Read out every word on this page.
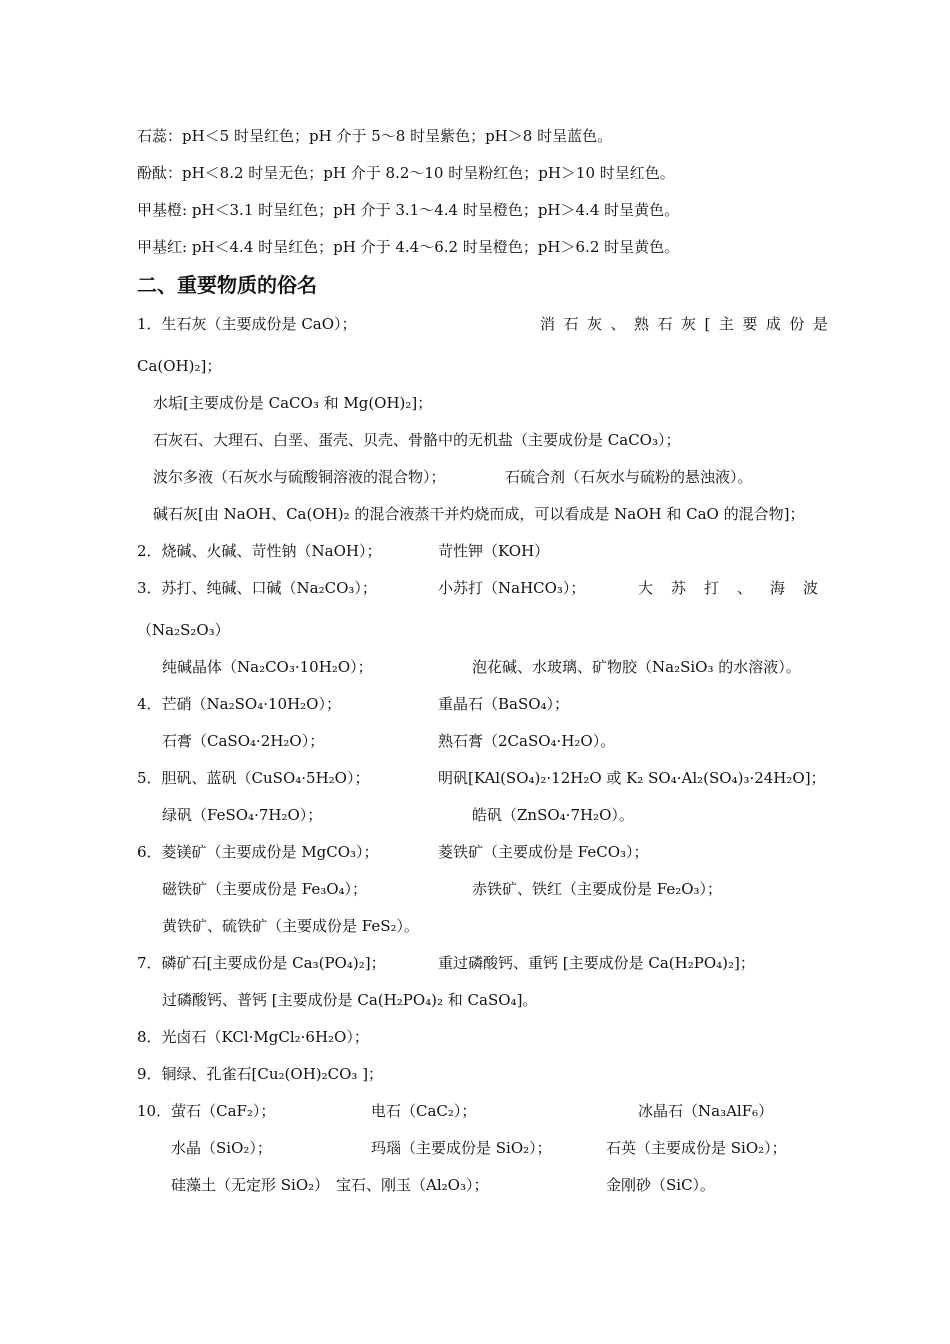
石蕊：pH＜5 时呈红色；pH 介于 5～8 时呈紫色；pH＞8 时呈蓝色。
酚酞：pH＜8.2 时呈无色；pH 介于 8.2～10 时呈粉红色；pH＞10 时呈红色。
甲基橙: pH＜3.1 时呈红色；pH 介于 3.1～4.4 时呈橙色；pH＞4.4 时呈黄色。
甲基红: pH＜4.4 时呈红色；pH 介于 4.4～6.2 时呈橙色；pH＞6.2 时呈黄色。
二、重要物质的俗名
1．生石灰（主要成份是 CaO）；	消石灰、熟石灰[主要成份是
Ca(OH)₂]；
水垢[主要成份是 CaCO₃ 和 Mg(OH)₂]；
石灰石、大理石、白垩、蛋壳、贝壳、骨骼中的无机盐（主要成份是 CaCO₃）；
波尔多液（石灰水与硫酸铜溶液的混合物）；	石硫合剂（石灰水与硫粉的悬浊液）。
碱石灰[由 NaOH、Ca(OH)₂ 的混合液蒸干并灼烧而成，可以看成是 NaOH 和 CaO 的混合物]；
2．烧碱、火碱、苛性钠（NaOH）；	苛性钾（KOH）
3．苏打、纯碱、口碱（Na₂CO₃）；	小苏打（NaHCO₃）；	大苏打、海波
（Na₂S₂O₃）
纯碱晶体（Na₂CO₃·10H₂O）；	泡花碱、水玻璃、矿物胶（Na₂SiO₃ 的水溶液）。
4．芒硝（Na₂SO₄·10H₂O）；	重晶石（BaSO₄）；
石膏（CaSO₄·2H₂O）；	熟石膏（2CaSO₄·H₂O）。
5．胆矾、蓝矾（CuSO₄·5H₂O）；	明矾[KAl(SO₄)₂·12H₂O 或 K₂ SO₄·Al₂(SO₄)₃·24H₂O]；
绿矾（FeSO₄·7H₂O）；	皓矾（ZnSO₄·7H₂O）。
6．菱镁矿（主要成份是 MgCO₃）；	菱铁矿（主要成份是 FeCO₃）；
磁铁矿（主要成份是 Fe₃O₄）；	赤铁矿、铁红（主要成份是 Fe₂O₃）；
黄铁矿、硫铁矿（主要成份是 FeS₂）。
7．磷矿石[主要成份是 Ca₃(PO₄)₂]；	重过磷酸钙、重钙 [主要成份是 Ca(H₂PO₄)₂]；
过磷酸钙、普钙 [主要成份是 Ca(H₂PO₄)₂ 和 CaSO₄]。
8．光卤石（KCl·MgCl₂·6H₂O）；
9．铜绿、孔雀石[Cu₂(OH)₂CO₃ ]；
10．萤石（CaF₂）；	电石（CaC₂）；	冰晶石（Na₃AlF₆）
水晶（SiO₂）；	玛瑙（主要成份是 SiO₂）；	石英（主要成份是 SiO₂）；
硅藻土（无定形 SiO₂） 宝石、刚玉（Al₂O₃）；	金刚砂（SiC）。
